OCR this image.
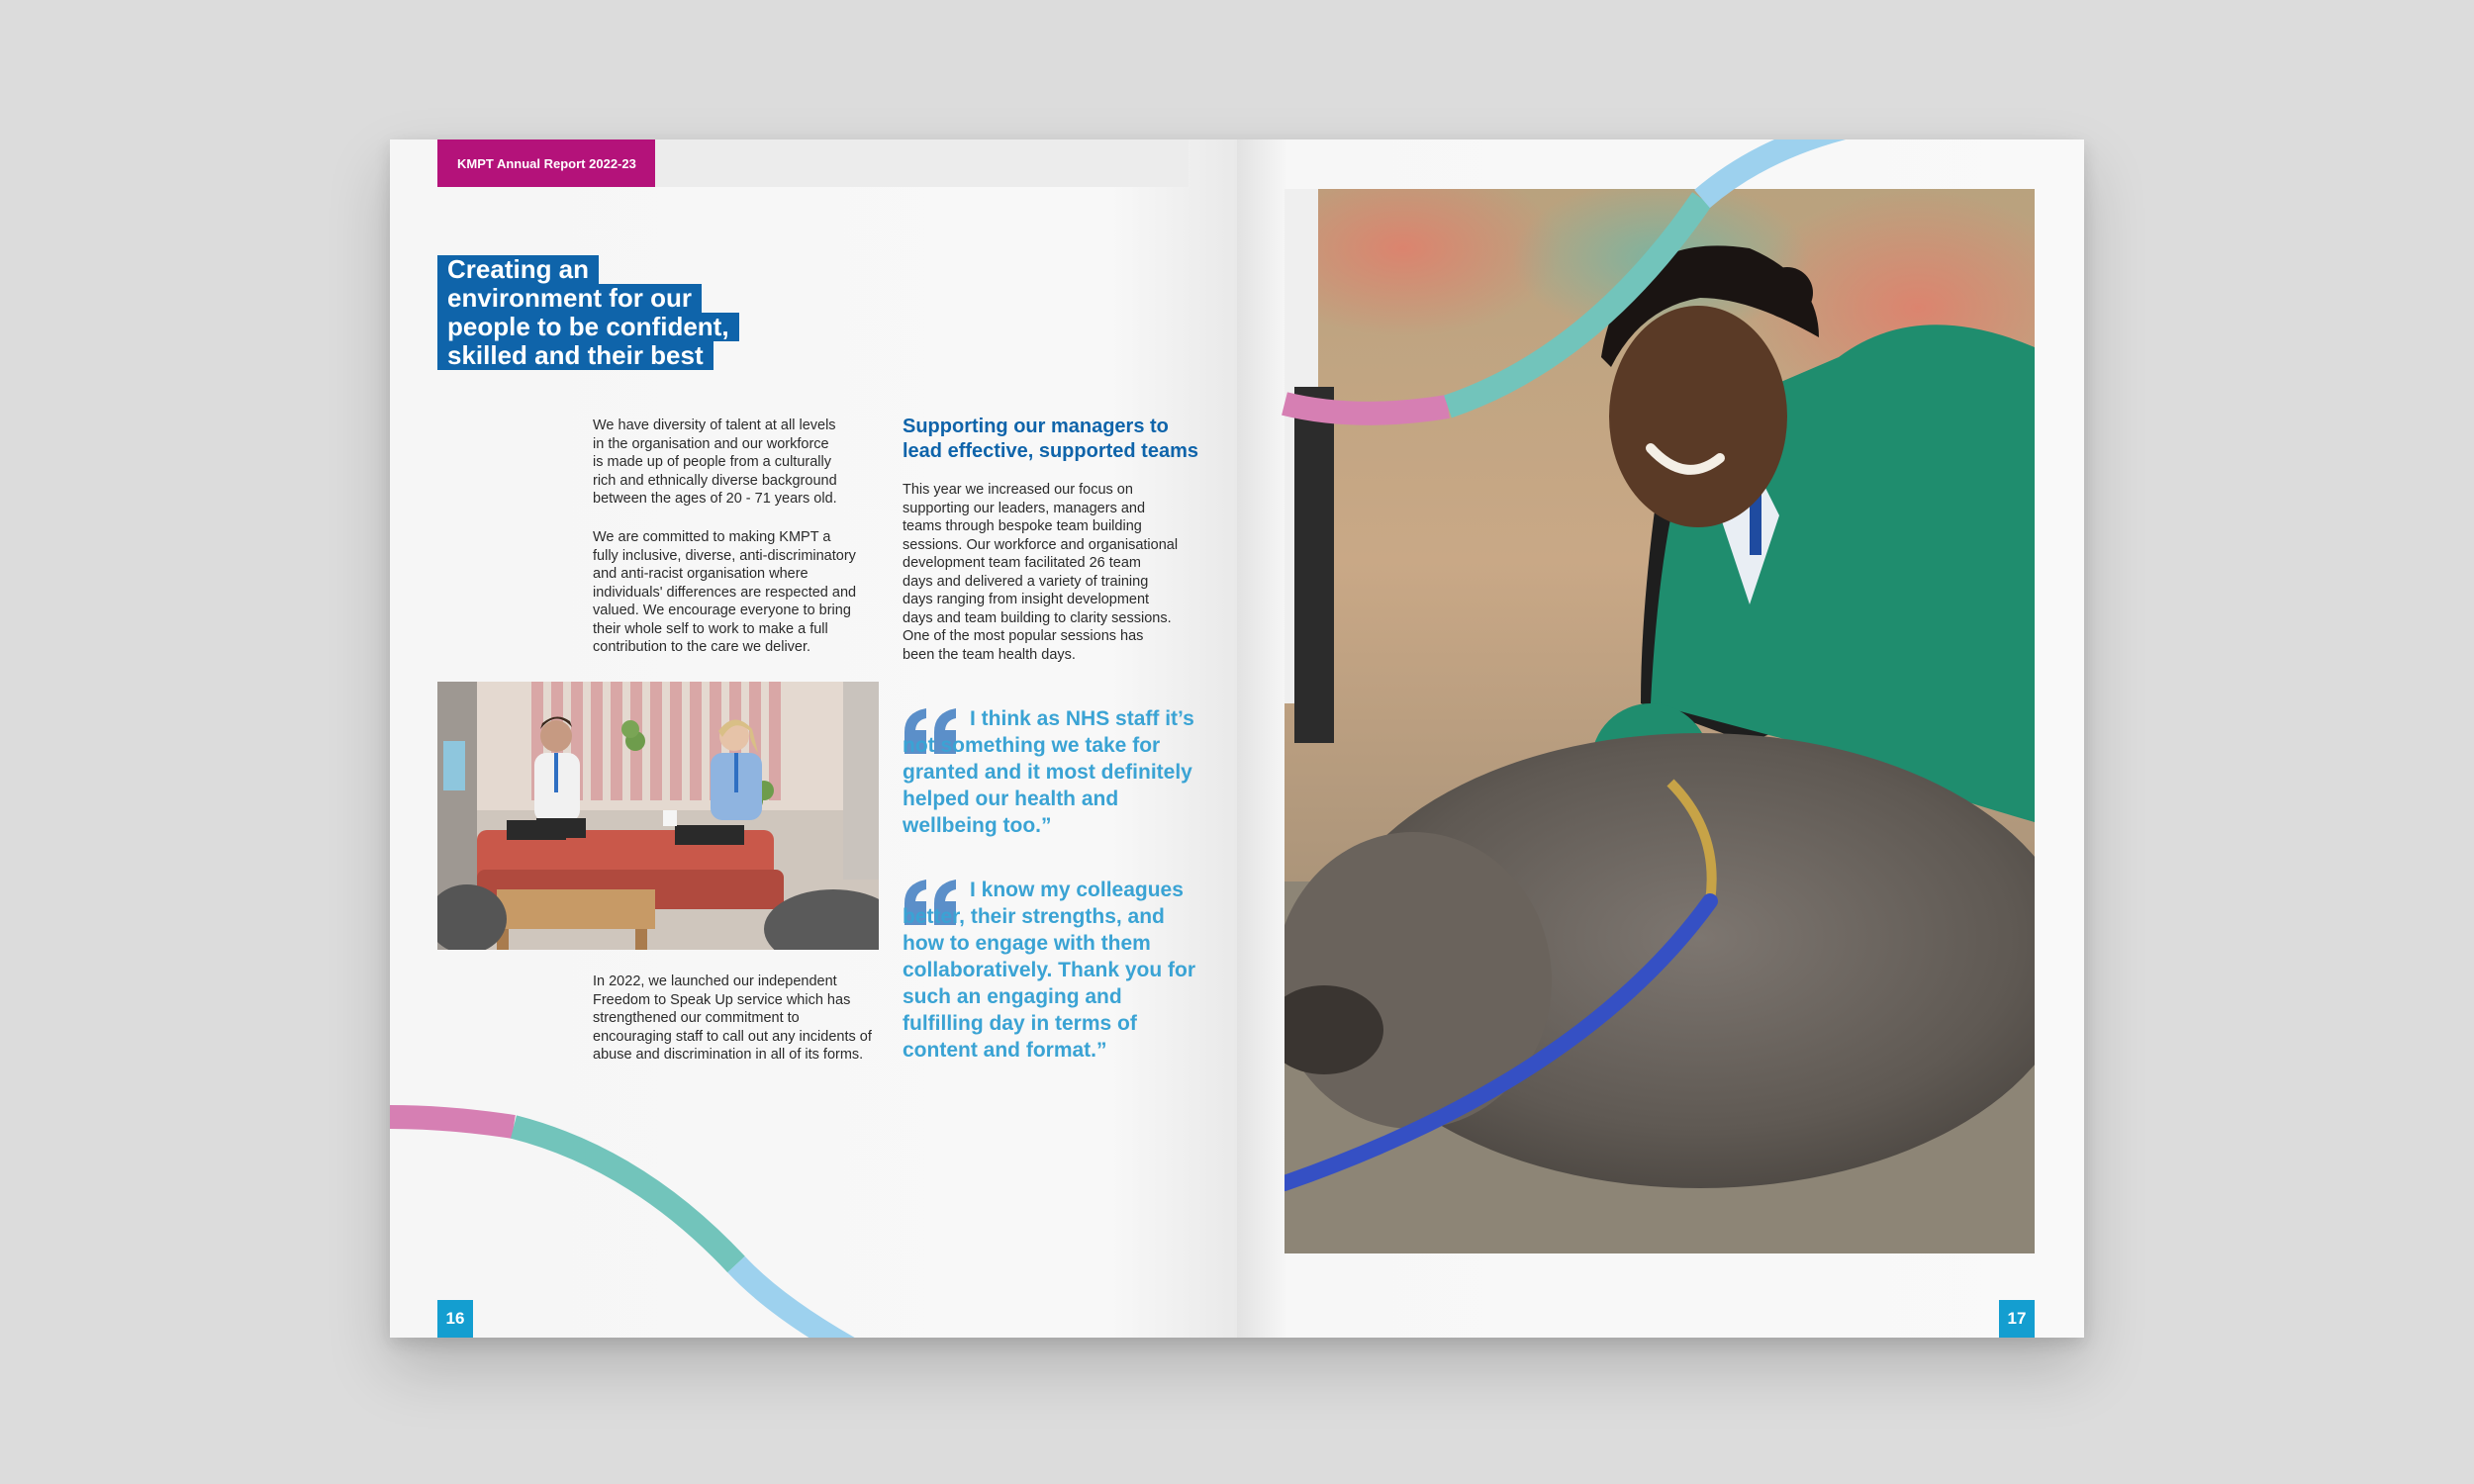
KMPT Annual Report 2022-23

Creating an

environment for our

people to be confident,

skilled and their best

We have diversity of talent at all levels
in the organisation and our workforce
is made up of people from a culturally
rich and ethnically diverse background
between the ages of 20 - 71 years old.

We are committed to making KMPT a
fully inclusive, diverse, anti-discriminatory
and anti-racist organisation where
individuals' differences are respected and
valued. We encourage everyone to bring
their whole self to work to make a full
contribution to the care we deliver.

In 2022, we launched our independent
Freedom to Speak Up service which has
strengthened our commitment to
encouraging staff to call out any incidents of
abuse and discrimination in all of its forms.

Supporting our managers to
lead effective, supported teams

This year we increased our focus on
supporting our leaders, managers and
teams through bespoke team building
sessions. Our workforce and organisational
development team facilitated 26 team
days and delivered a variety of training
days ranging from insight development
days and team building to clarity sessions.
One of the most popular sessions has
been the team health days.

I think as NHS staff it’s not something we take for granted and it most definitely helped our health and wellbeing too.”

I know my colleagues better, their strengths, and how to engage with them collaboratively. Thank you for such an engaging and fulfilling day in terms of content and format.”

16	17
